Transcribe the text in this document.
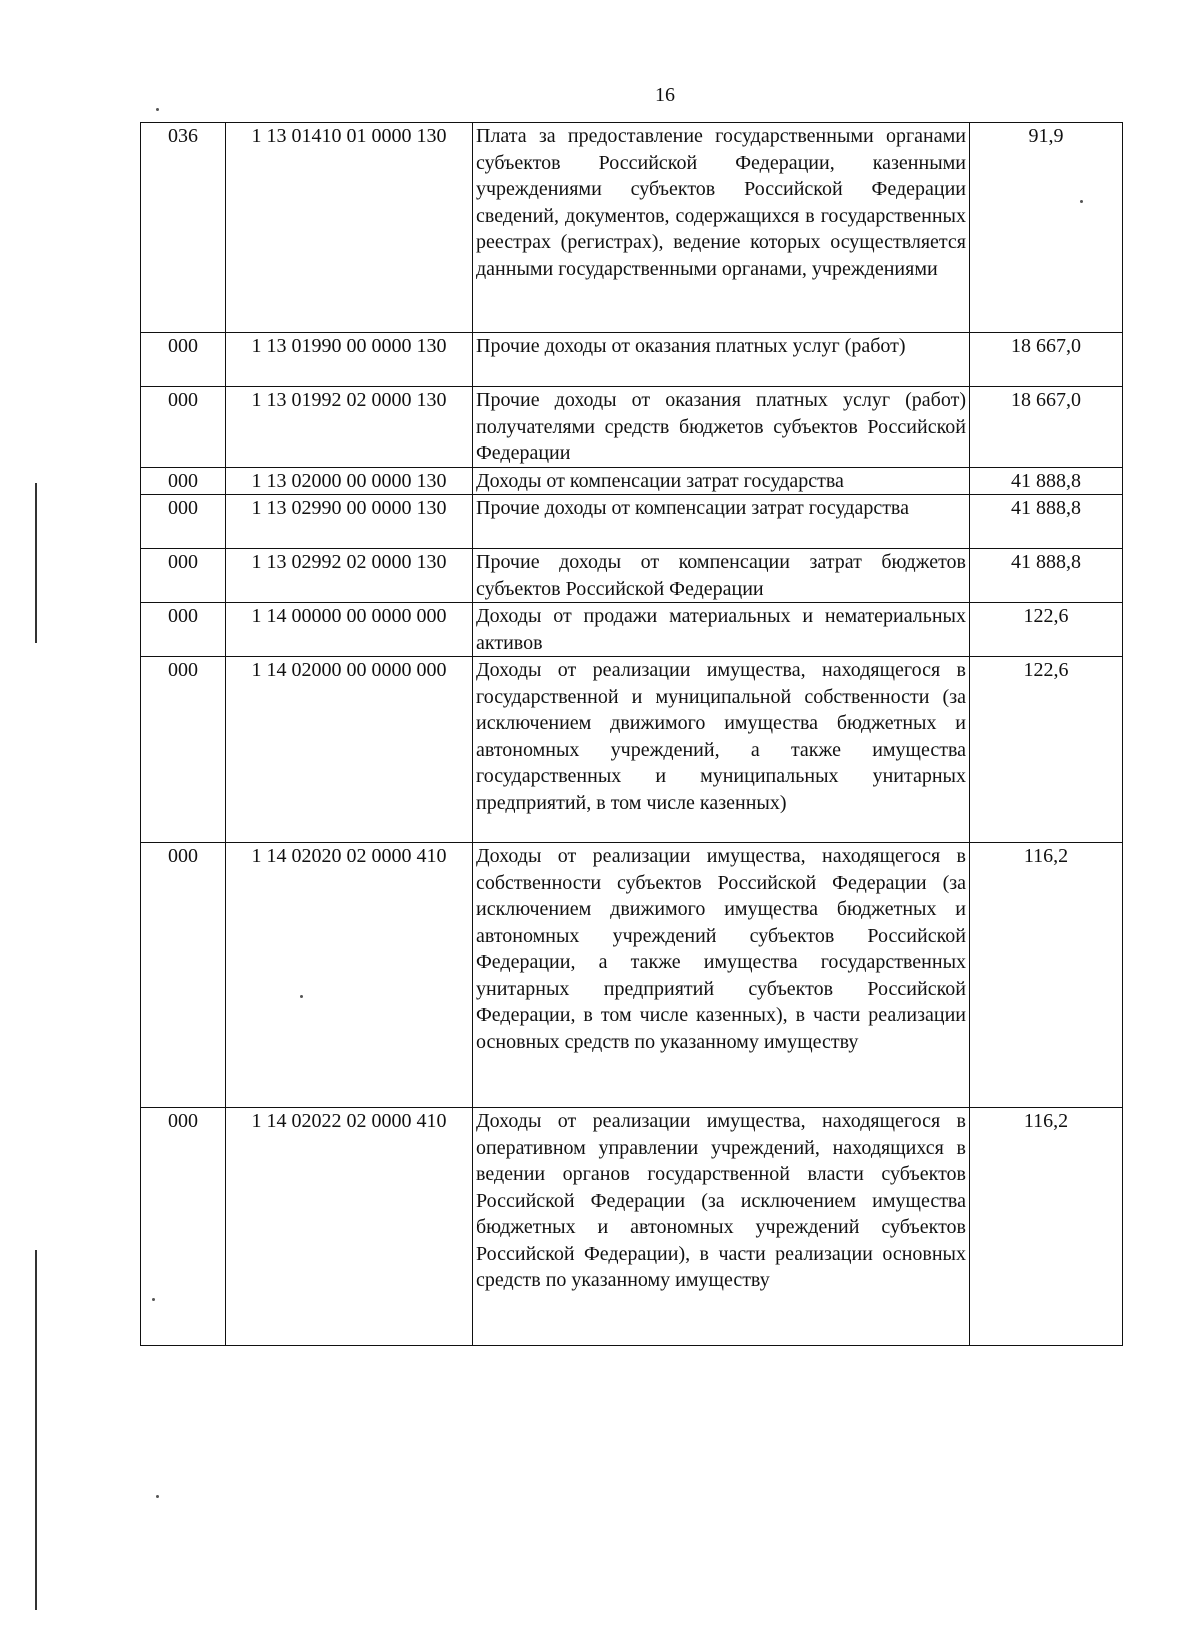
16
036	1 13 01410 01 0000 130	Плата за предоставление государственными органами субъектов Российской Федерации, казенными учреждениями субъектов Российской Федерации сведений, документов, содержащихся в государственных реестрах (регистрах), ведение которых осуществляется данными государственными органами, учреждениями	91,9
000	1 13 01990 00 0000 130	Прочие доходы от оказания платных услуг (работ)	18 667,0
000	1 13 01992 02 0000 130	Прочие доходы от оказания платных услуг (работ) получателями средств бюджетов субъектов Российской Федерации	18 667,0
000	1 13 02000 00 0000 130	Доходы от компенсации затрат государства	41 888,8
000	1 13 02990 00 0000 130	Прочие доходы от компенсации затрат государства	41 888,8
000	1 13 02992 02 0000 130	Прочие доходы от компенсации затрат бюджетов субъектов Российской Федерации	41 888,8
000	1 14 00000 00 0000 000	Доходы от продажи материальных и нематериальных активов	122,6
000	1 14 02000 00 0000 000	Доходы от реализации имущества, находящегося в государственной и муниципальной собственности (за исключением движимого имущества бюджетных и автономных учреждений, а также имущества государственных и муниципальных унитарных предприятий, в том числе казенных)	122,6
000	1 14 02020 02 0000 410	Доходы от реализации имущества, находящегося в собственности субъектов Российской Федерации (за исключением движимого имущества бюджетных и автономных учреждений субъектов Российской Федерации, а также имущества государственных унитарных предприятий субъектов Российской Федерации, в том числе казенных), в части реализации основных средств по указанному имуществу	116,2
000	1 14 02022 02 0000 410	Доходы от реализации имущества, находящегося в оперативном управлении учреждений, находящихся в ведении органов государственной власти субъектов Российской Федерации (за исключением имущества бюджетных и автономных учреждений субъектов Российской Федерации), в части реализации основных средств по указанному имуществу	116,2
